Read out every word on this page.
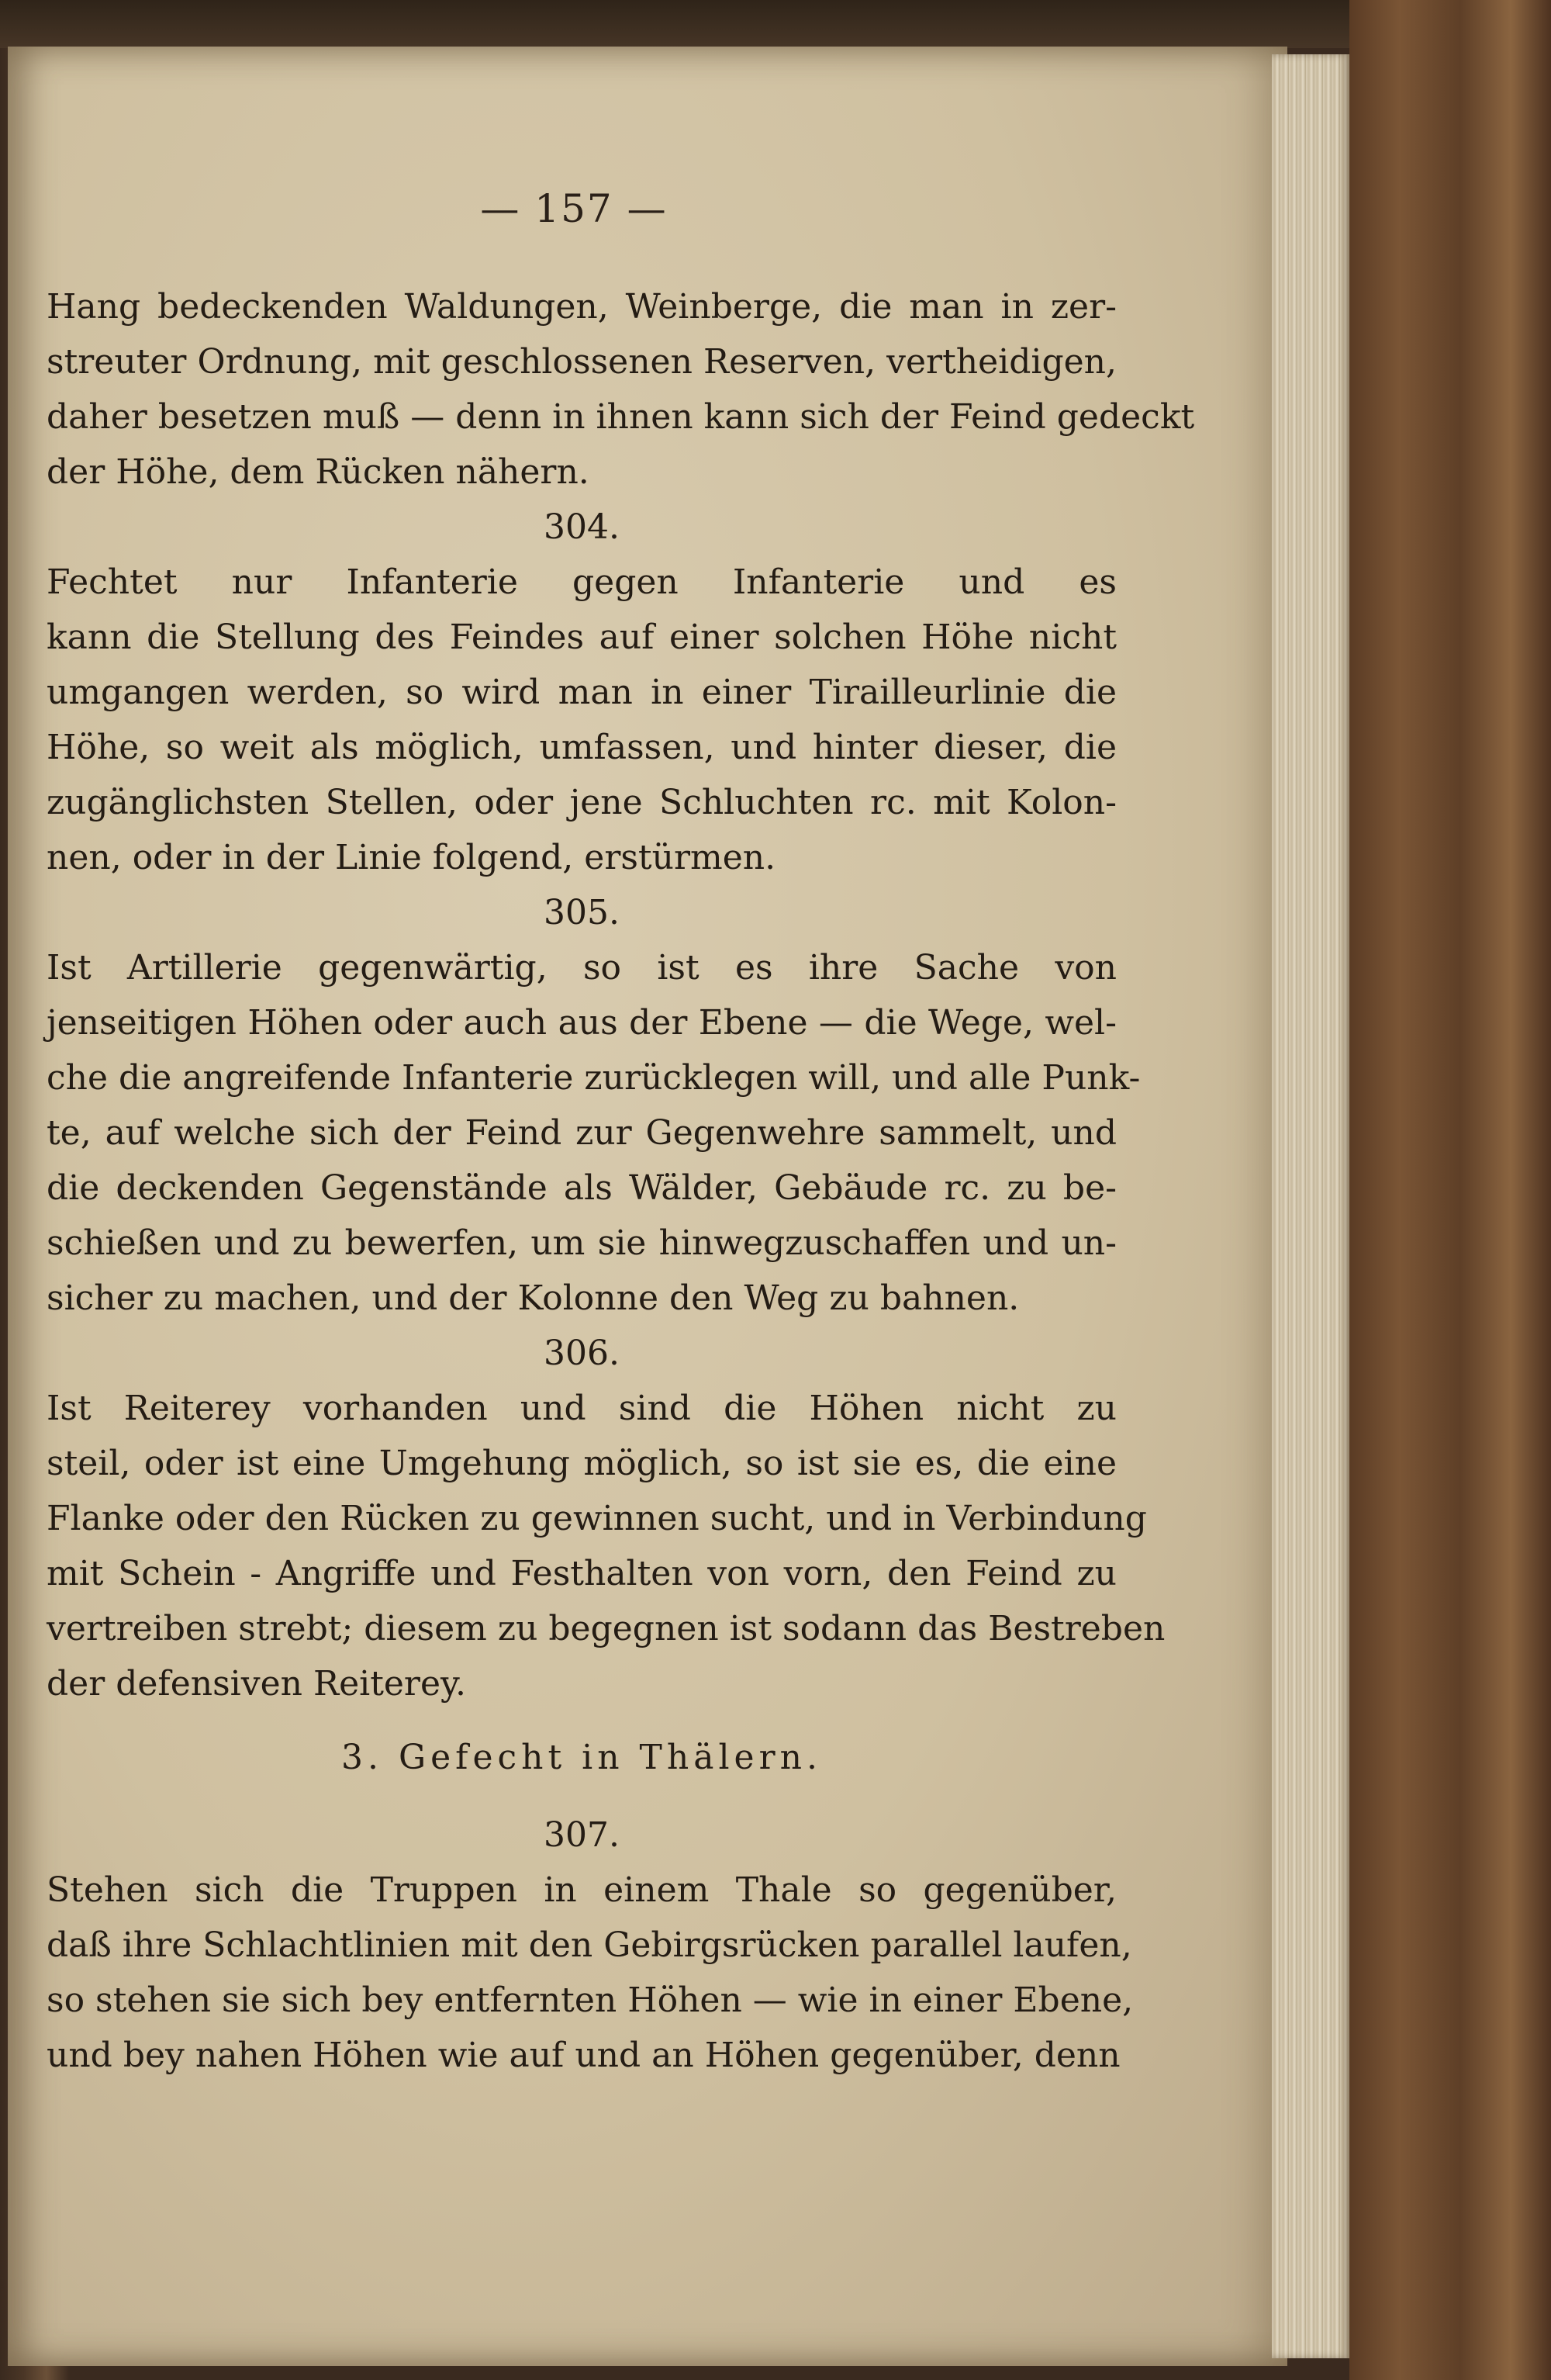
— 157 —
Hang bedeckenden Waldungen, Weinberge, die man in zer-
streuter Ordnung, mit geschlossenen Reserven, vertheidigen,
daher besetzen muß — denn in ihnen kann sich der Feind gedeckt
der Höhe, dem Rücken nähern.
304.
Fechtet nur Infanterie gegen Infanterie und es
kann die Stellung des Feindes auf einer solchen Höhe nicht
umgangen werden, so wird man in einer Tirailleurlinie die
Höhe, so weit als möglich, umfassen, und hinter dieser, die
zugänglichsten Stellen, oder jene Schluchten rc. mit Kolon-
nen, oder in der Linie folgend, erstürmen.
305.
Ist Artillerie gegenwärtig, so ist es ihre Sache von
jenseitigen Höhen oder auch aus der Ebene — die Wege, wel-
che die angreifende Infanterie zurücklegen will, und alle Punk-
te, auf welche sich der Feind zur Gegenwehre sammelt, und
die deckenden Gegenstände als Wälder, Gebäude rc. zu be-
schießen und zu bewerfen, um sie hinwegzuschaffen und un-
sicher zu machen, und der Kolonne den Weg zu bahnen.
306.
Ist Reiterey vorhanden und sind die Höhen nicht zu
steil, oder ist eine Umgehung möglich, so ist sie es, die eine
Flanke oder den Rücken zu gewinnen sucht, und in Verbindung
mit Schein - Angriffe und Festhalten von vorn, den Feind zu
vertreiben strebt; diesem zu begegnen ist sodann das Bestreben
der defensiven Reiterey.
3. Gefecht in Thälern.
307.
Stehen sich die Truppen in einem Thale so gegenüber,
daß ihre Schlachtlinien mit den Gebirgsrücken parallel laufen,
so stehen sie sich bey entfernten Höhen — wie in einer Ebene,
und bey nahen Höhen wie auf und an Höhen gegenüber, denn
